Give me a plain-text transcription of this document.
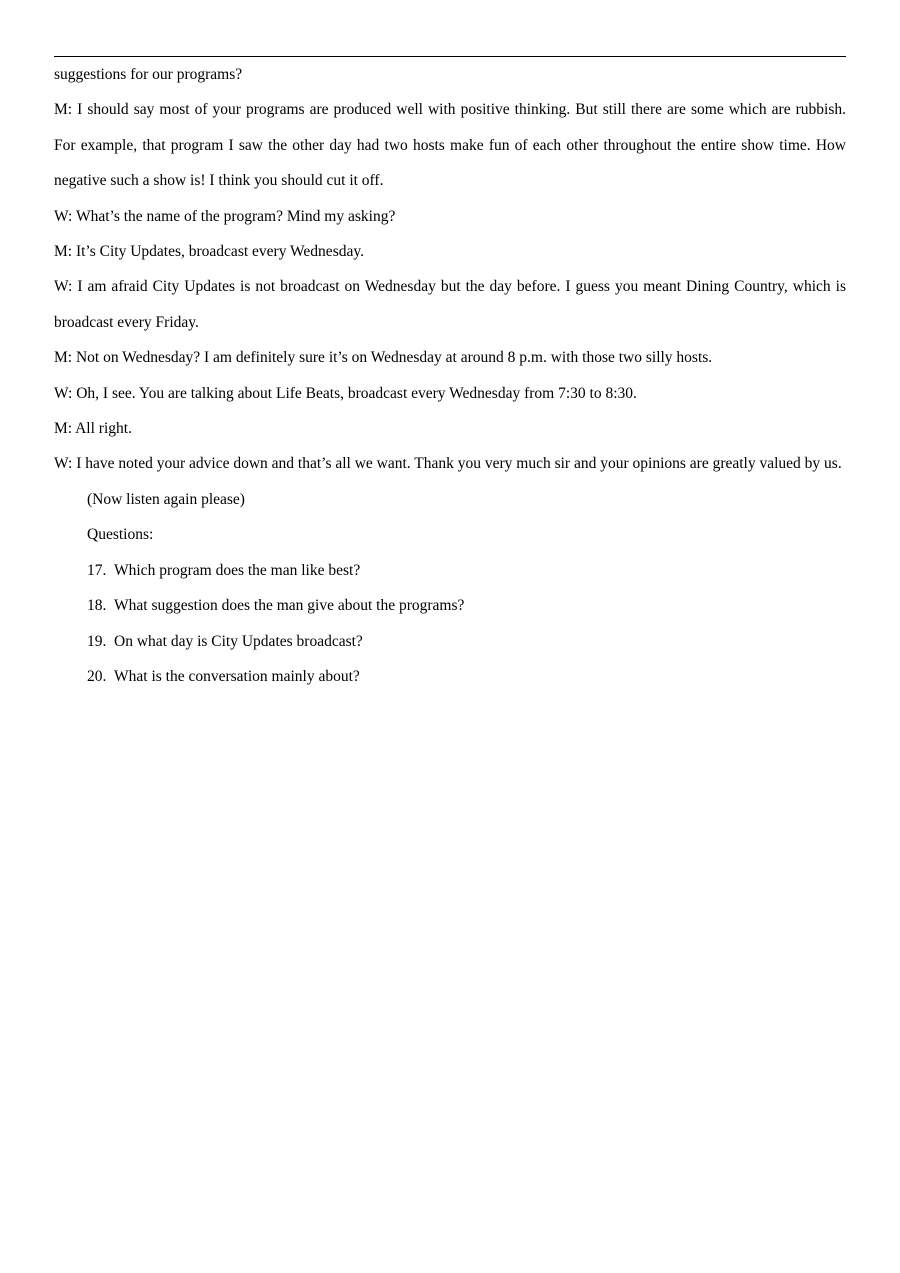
suggestions for our programs?
M: I should say most of your programs are produced well with positive thinking. But still there are some which are rubbish. For example, that program I saw the other day had two hosts make fun of each other throughout the entire show time. How negative such a show is! I think you should cut it off.
W: What’s the name of the program? Mind my asking?
M: It’s City Updates, broadcast every Wednesday.
W: I am afraid City Updates is not broadcast on Wednesday but the day before. I guess you meant Dining Country, which is broadcast every Friday.
M: Not on Wednesday? I am definitely sure it’s on Wednesday at around 8 p.m. with those two silly hosts.
W: Oh, I see. You are talking about Life Beats, broadcast every Wednesday from 7:30 to 8:30.
M: All right.
W: I have noted your advice down and that’s all we want. Thank you very much sir and your opinions are greatly valued by us.
(Now listen again please)
Questions:
17. Which program does the man like best?
18. What suggestion does the man give about the programs?
19. On what day is City Updates broadcast?
20. What is the conversation mainly about?
